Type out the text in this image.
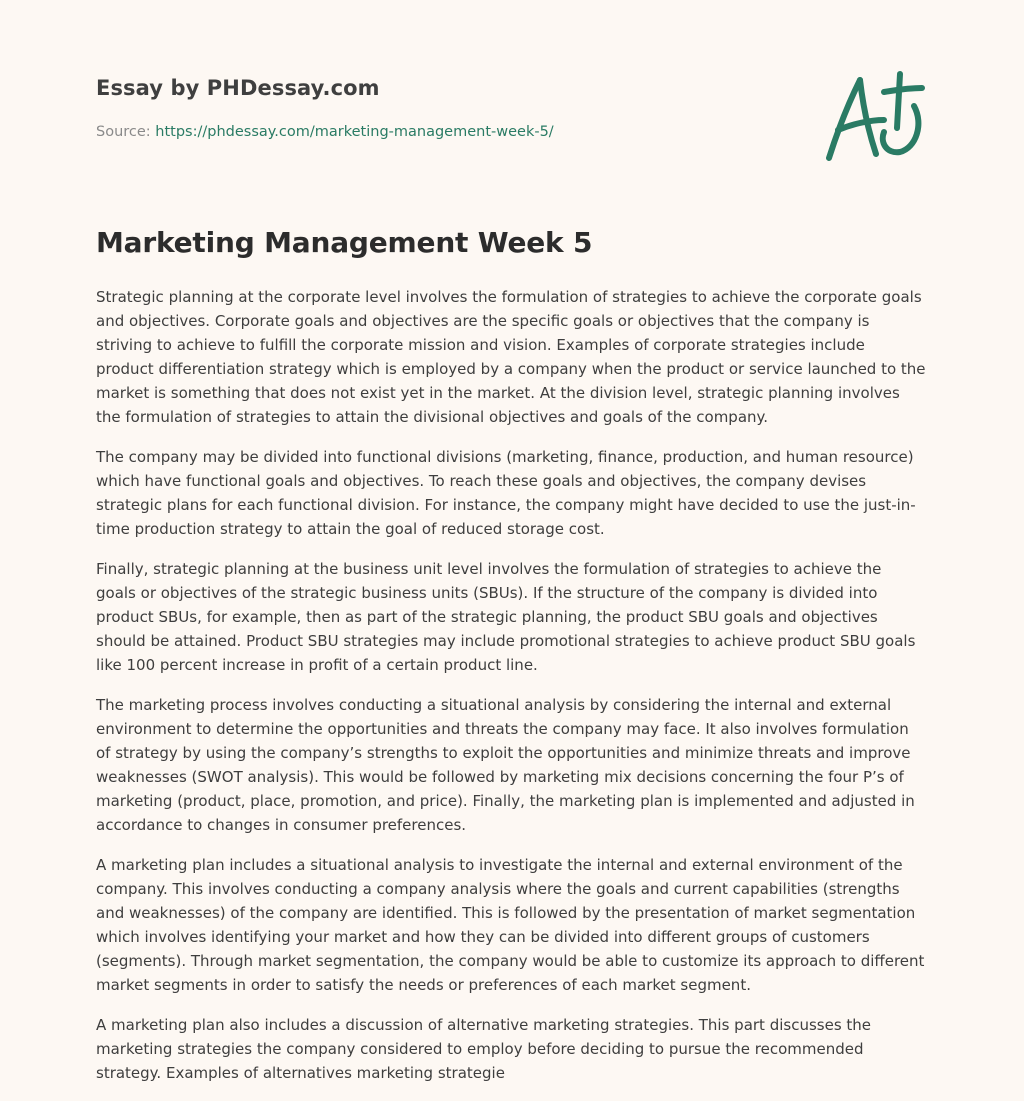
Essay by PHDessay.com
Source: https://phdessay.com/marketing-management-week-5/
Marketing Management Week 5

Strategic planning at the corporate level involves the formulation of strategies to achieve the corporate goals and objectives. Corporate goals and objectives are the specific goals or objectives that the company is striving to achieve to fulfill the corporate mission and vision. Examples of corporate strategies include product differentiation strategy which is employed by a company when the product or service launched to the market is something that does not exist yet in the market. At the division level, strategic planning involves the formulation of strategies to attain the divisional objectives and goals of the company.

The company may be divided into functional divisions (marketing, finance, production, and human resource) which have functional goals and objectives. To reach these goals and objectives, the company devises strategic plans for each functional division. For instance, the company might have decided to use the just-in-time production strategy to attain the goal of reduced storage cost.

Finally, strategic planning at the business unit level involves the formulation of strategies to achieve the goals or objectives of the strategic business units (SBUs). If the structure of the company is divided into product SBUs, for example, then as part of the strategic planning, the product SBU goals and objectives should be attained. Product SBU strategies may include promotional strategies to achieve product SBU goals like 100 percent increase in profit of a certain product line.

The marketing process involves conducting a situational analysis by considering the internal and external environment to determine the opportunities and threats the company may face. It also involves formulation of strategy by using the company’s strengths to exploit the opportunities and minimize threats and improve weaknesses (SWOT analysis). This would be followed by marketing mix decisions concerning the four P’s of marketing (product, place, promotion, and price). Finally, the marketing plan is implemented and adjusted in accordance to changes in consumer preferences.

A marketing plan includes a situational analysis to investigate the internal and external environment of the company. This involves conducting a company analysis where the goals and current capabilities (strengths and weaknesses) of the company are identified. This is followed by the presentation of market segmentation which involves identifying your market and how they can be divided into different groups of customers (segments). Through market segmentation, the company would be able to customize its approach to different market segments in order to satisfy the needs or preferences of each market segment.

A marketing plan also includes a discussion of alternative marketing strategies. This part discusses the marketing strategies the company considered to employ before deciding to pursue the recommended strategy. Examples of alternatives marketing strategie
